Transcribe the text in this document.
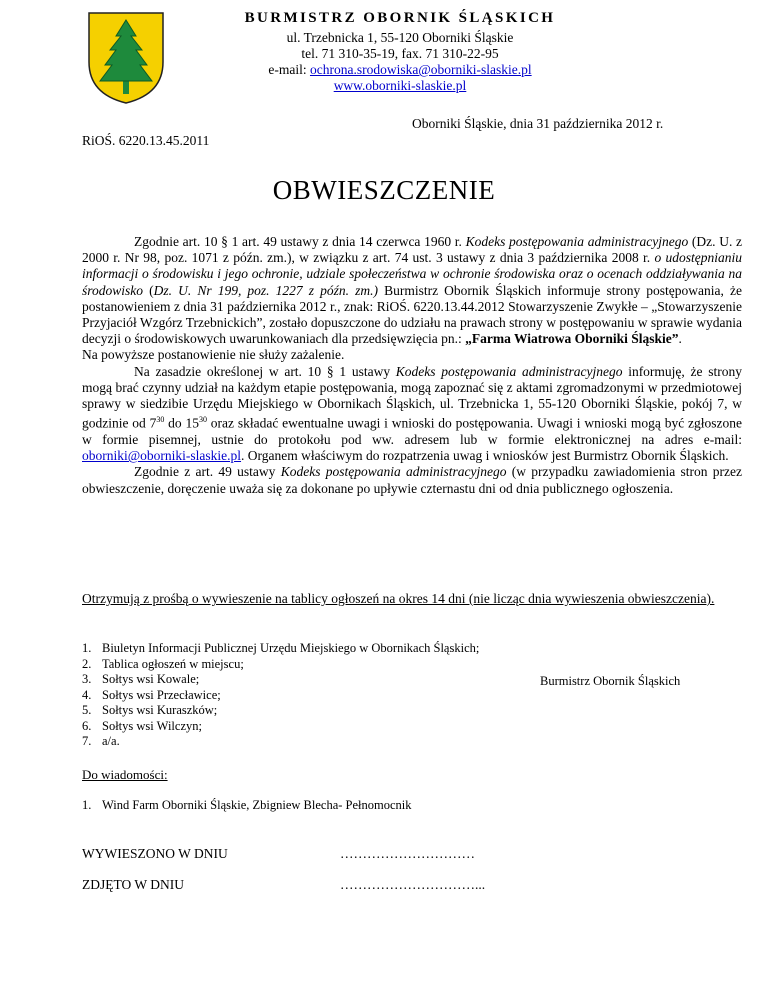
BURMISTRZ OBORNIK ŚLĄSKICH
ul. Trzebnicka 1, 55-120 Oborniki Śląskie
tel. 71 310-35-19, fax. 71 310-22-95
e-mail: ochrona.srodowiska@oborniki-slaskie.pl
www.oborniki-slaskie.pl
Oborniki Śląskie, dnia 31 października 2012 r.
RiOŚ. 6220.13.45.2011
OBWIESZCZENIE

Zgodnie art. 10 § 1 art. 49 ustawy z dnia 14 czerwca 1960 r. Kodeks postępowania administracyjnego (Dz. U. z 2000 r. Nr 98, poz. 1071 z późn. zm.), w związku z art. 74 ust. 3 ustawy z dnia 3 października 2008 r. o udostępnianiu informacji o środowisku i jego ochronie, udziale społeczeństwa w ochronie środowiska oraz o ocenach oddziaływania na środowisko (Dz. U. Nr 199, poz. 1227 z późn. zm.) Burmistrz Obornik Śląskich informuje strony postępowania, że postanowieniem z dnia 31 października 2012 r., znak: RiOŚ. 6220.13.44.2012 Stowarzyszenie Zwykłe – „Stowarzyszenie Przyjaciół Wzgórz Trzebnickich”, zostało dopuszczone do udziału na prawach strony w postępowaniu w sprawie wydania decyzji o środowiskowych uwarunkowaniach dla przedsięwzięcia pn.: „Farma Wiatrowa Oborniki Śląskie”.

Na powyższe postanowienie nie służy zażalenie.

Na zasadzie określonej w art. 10 § 1 ustawy Kodeks postępowania administracyjnego informuję, że strony mogą brać czynny udział na każdym etapie postępowania, mogą zapoznać się z aktami zgromadzonymi w przedmiotowej sprawy w siedzibie Urzędu Miejskiego w Obornikach Śląskich, ul. Trzebnicka 1, 55-120 Oborniki Śląskie, pokój 7, w godzinie od $7^{30}$ do $15^{30}$ oraz składać ewentualne uwagi i wnioski do postępowania. Uwagi i wnioski mogą być zgłoszone w formie pisemnej, ustnie do protokołu pod ww. adresem lub w formie elektronicznej na adres e-mail: oborniki@oborniki-slaskie.pl. Organem właściwym do rozpatrzenia uwag i wniosków jest Burmistrz Obornik Śląskich.

Zgodnie z art. 49 ustawy Kodeks postępowania administracyjnego (w przypadku zawiadomienia stron przez obwieszczenie, doręczenie uważa się za dokonane po upływie czternastu dni od dnia publicznego ogłoszenia.

Otrzymują z prośbą o wywieszenie na tablicy ogłoszeń na okres 14 dni (nie licząc dnia wywieszenia obwieszczenia).
1. Biuletyn Informacji Publicznej Urzędu Miejskiego w Obornikach Śląskich;
2. Tablica ogłoszeń w miejscu;
3. Sołtys wsi Kowale;
4. Sołtys wsi Przecławice;
5. Sołtys wsi Kuraszków;
6. Sołtys wsi Wilczyn;
7. a/a.
Burmistrz Obornik Śląskich
Do wiadomości:
1. Wind Farm Oborniki Śląskie, Zbigniew Blecha- Pełnomocnik
WYWIESZONO W DNIU	…………………………
ZDJĘTO W DNIU	…………………………...
